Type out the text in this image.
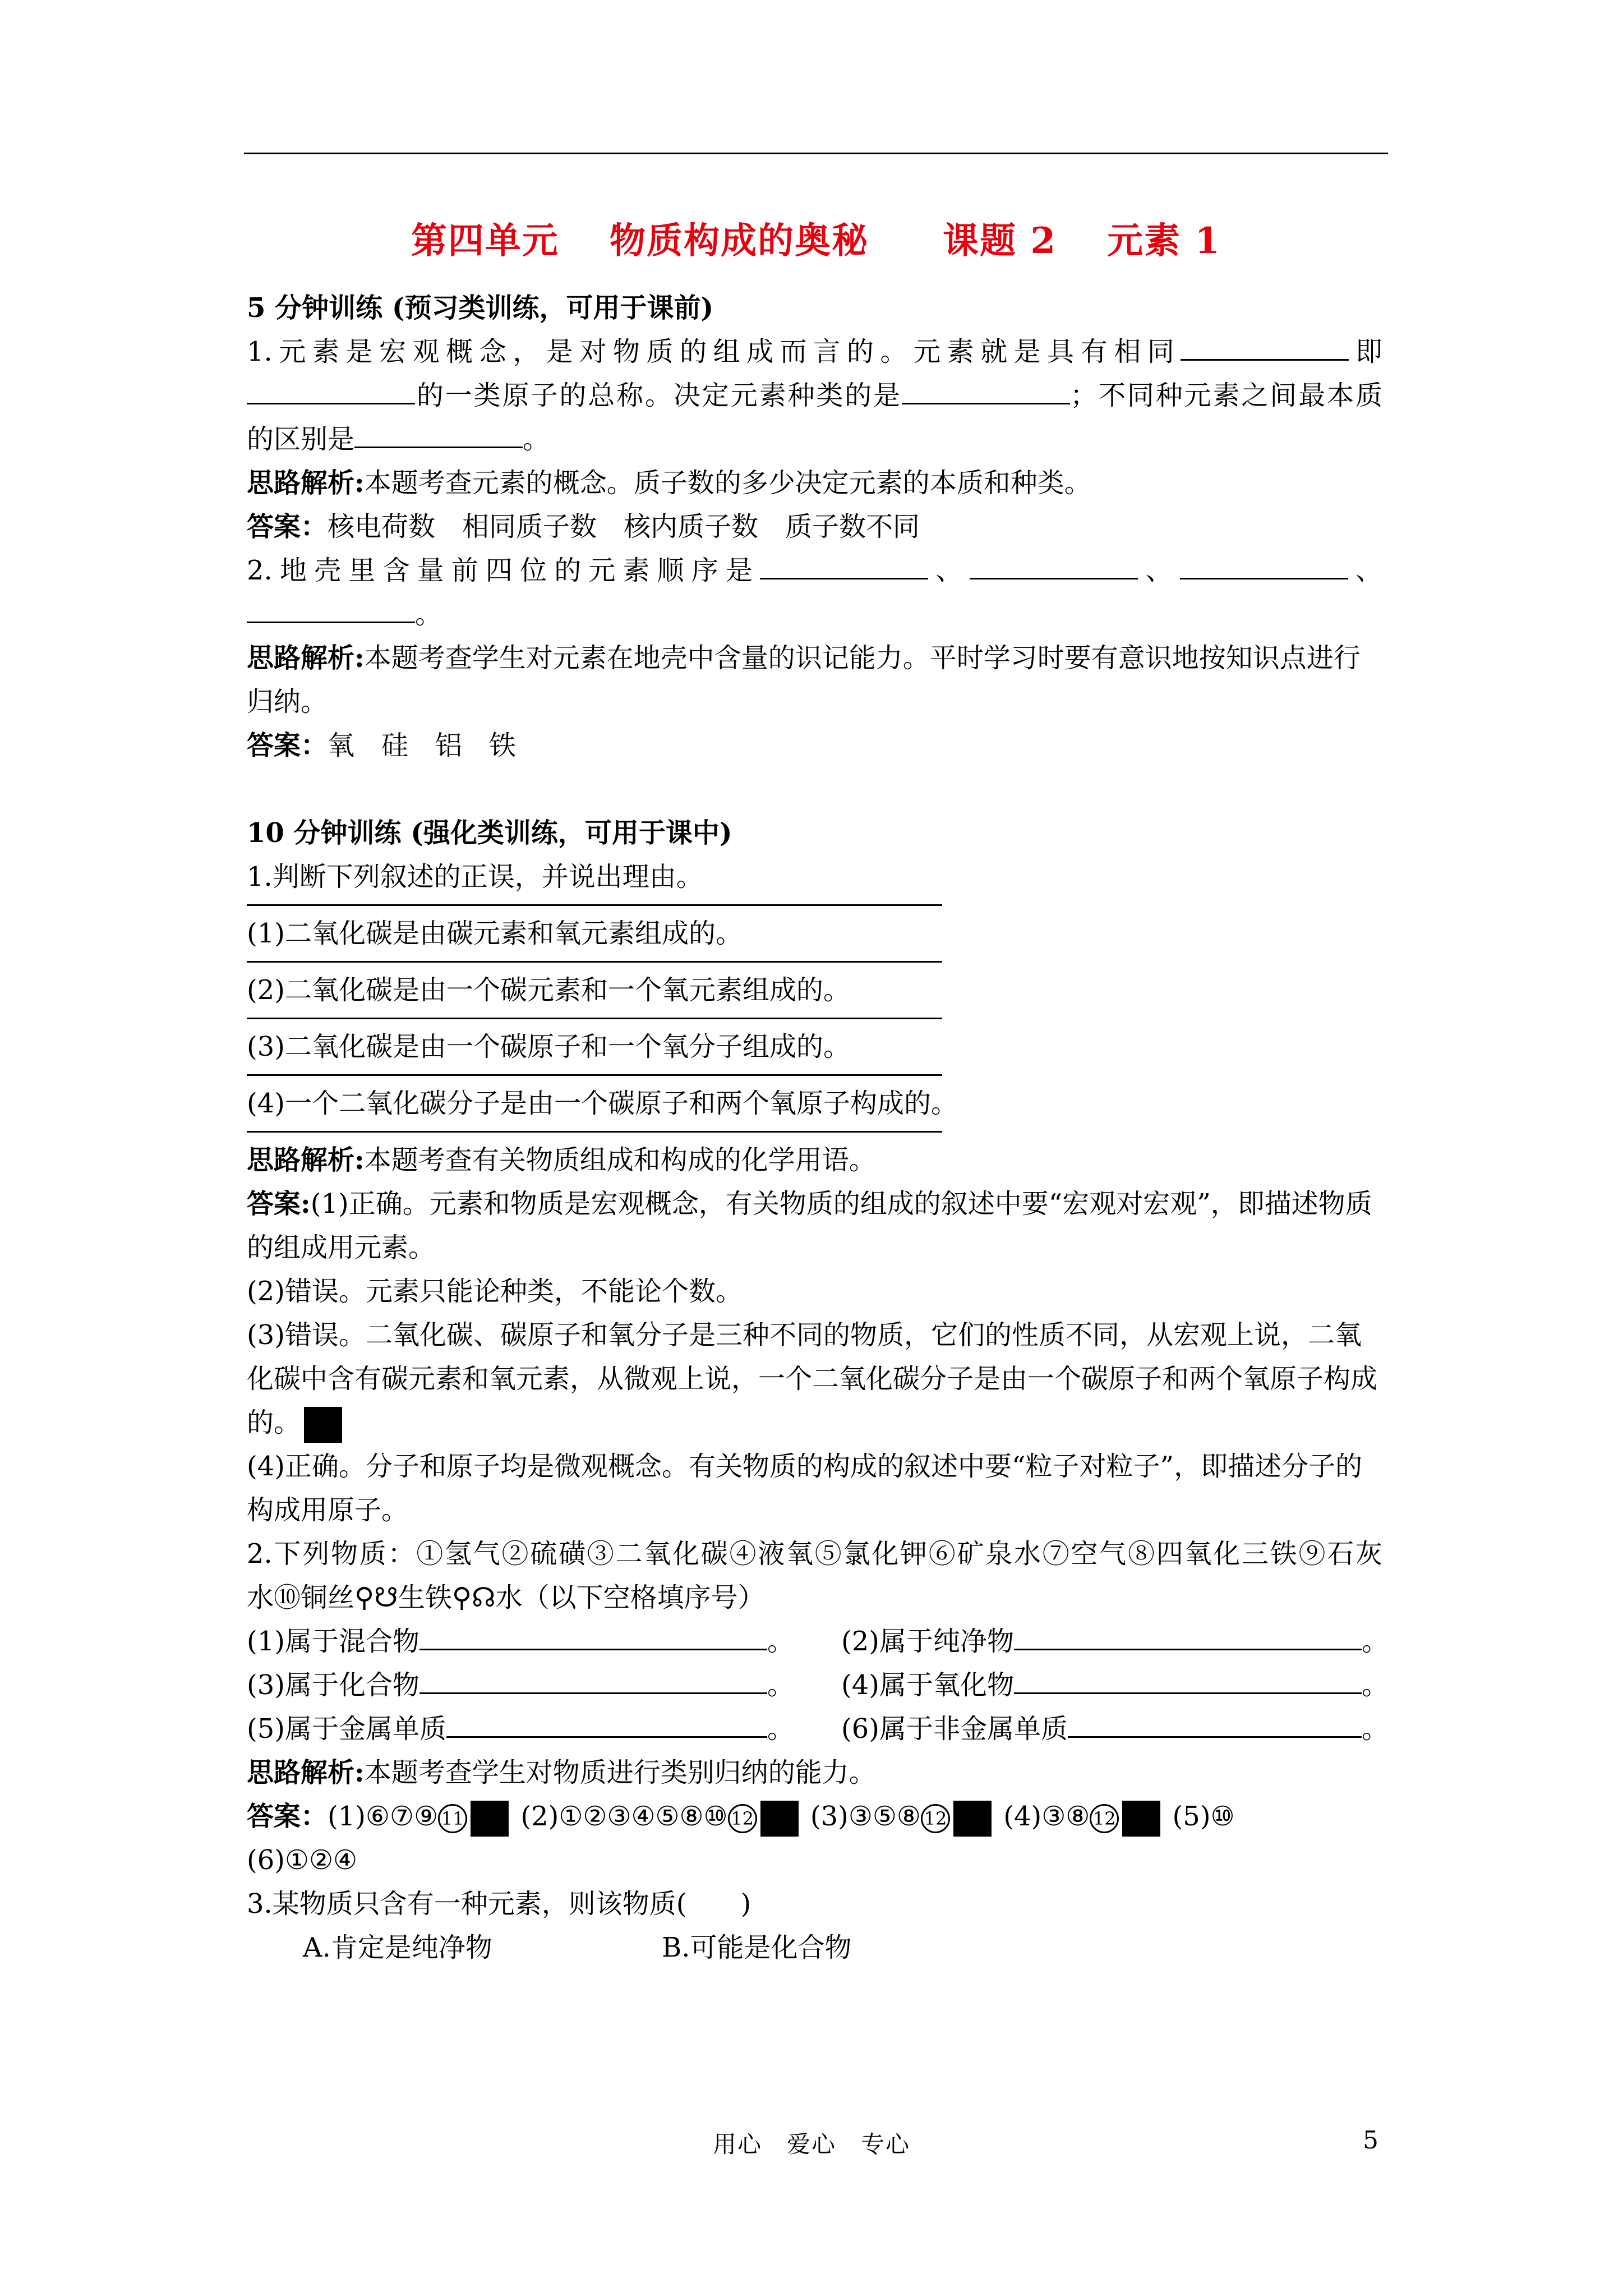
第四单元　 物质构成的奥秘　　课题 2　 元素 1

5 分钟训练 (预习类训练，可用于课前)

1.元素是宏观概念，是对物质的组成而言的。元素就是具有相同	即

的一类原子的总称。决定元素种类的是	；不同种元素之间最本质

的区别是	。

思路解析:本题考查元素的概念。质子数的多少决定元素的本质和种类。

答案：核电荷数　相同质子数　核内质子数　质子数不同

2.地壳里含量前四位的元素顺序是	、	、	、

。

思路解析:本题考查学生对元素在地壳中含量的识记能力。平时学习时要有意识地按知识点进行归纳。

答案：氧　硅　铝　铁

10 分钟训练 (强化类训练，可用于课中)

1.判断下列叙述的正误，并说出理由。

(1)二氧化碳是由碳元素和氧元素组成的。

(2)二氧化碳是由一个碳元素和一个氧元素组成的。

(3)二氧化碳是由一个碳原子和一个氧分子组成的。

(4)一个二氧化碳分子是由一个碳原子和两个氧原子构成的。

思路解析:本题考查有关物质组成和构成的化学用语。

答案:(1)正确。元素和物质是宏观概念，有关物质的组成的叙述中要“宏观对宏观”，即描述物质的组成用元素。

(2)错误。元素只能论种类，不能论个数。

(3)错误。二氧化碳、碳原子和氧分子是三种不同的物质，它们的性质不同，从宏观上说，二氧化碳中含有碳元素和氧元素，从微观上说，一个二氧化碳分子是由一个碳原子和两个氧原子构成的。

(4)正确。分子和原子均是微观概念。有关物质的构成的叙述中要“粒子对粒子”，即描述分子的构成用原子。

2.下列物质：①氢气②硫磺③二氧化碳④液氧⑤氯化钾⑥矿泉水⑦空气⑧四氧化三铁⑨石灰

水⑩铜丝⚲☋生铁⚲☊水（以下空格填序号）

(1)属于混合物	。 (2)属于纯净物	。

(3)属于化合物	。 (4)属于氧化物	。

(5)属于金属单质	。 (6)属于非金属单质	。

思路解析:本题考查学生对物质进行类别归纳的能力。

答案：(1)⑥⑦⑨ 11 (2)①②③④⑤⑧⑩ 12 (3)③⑤⑧ 12 (4)③⑧ 12 (5)⑩

(6)①②④

3.某物质只含有一种元素，则该物质(　　)

A.肯定是纯净物	B.可能是化合物

用心　爱心　专心	5
